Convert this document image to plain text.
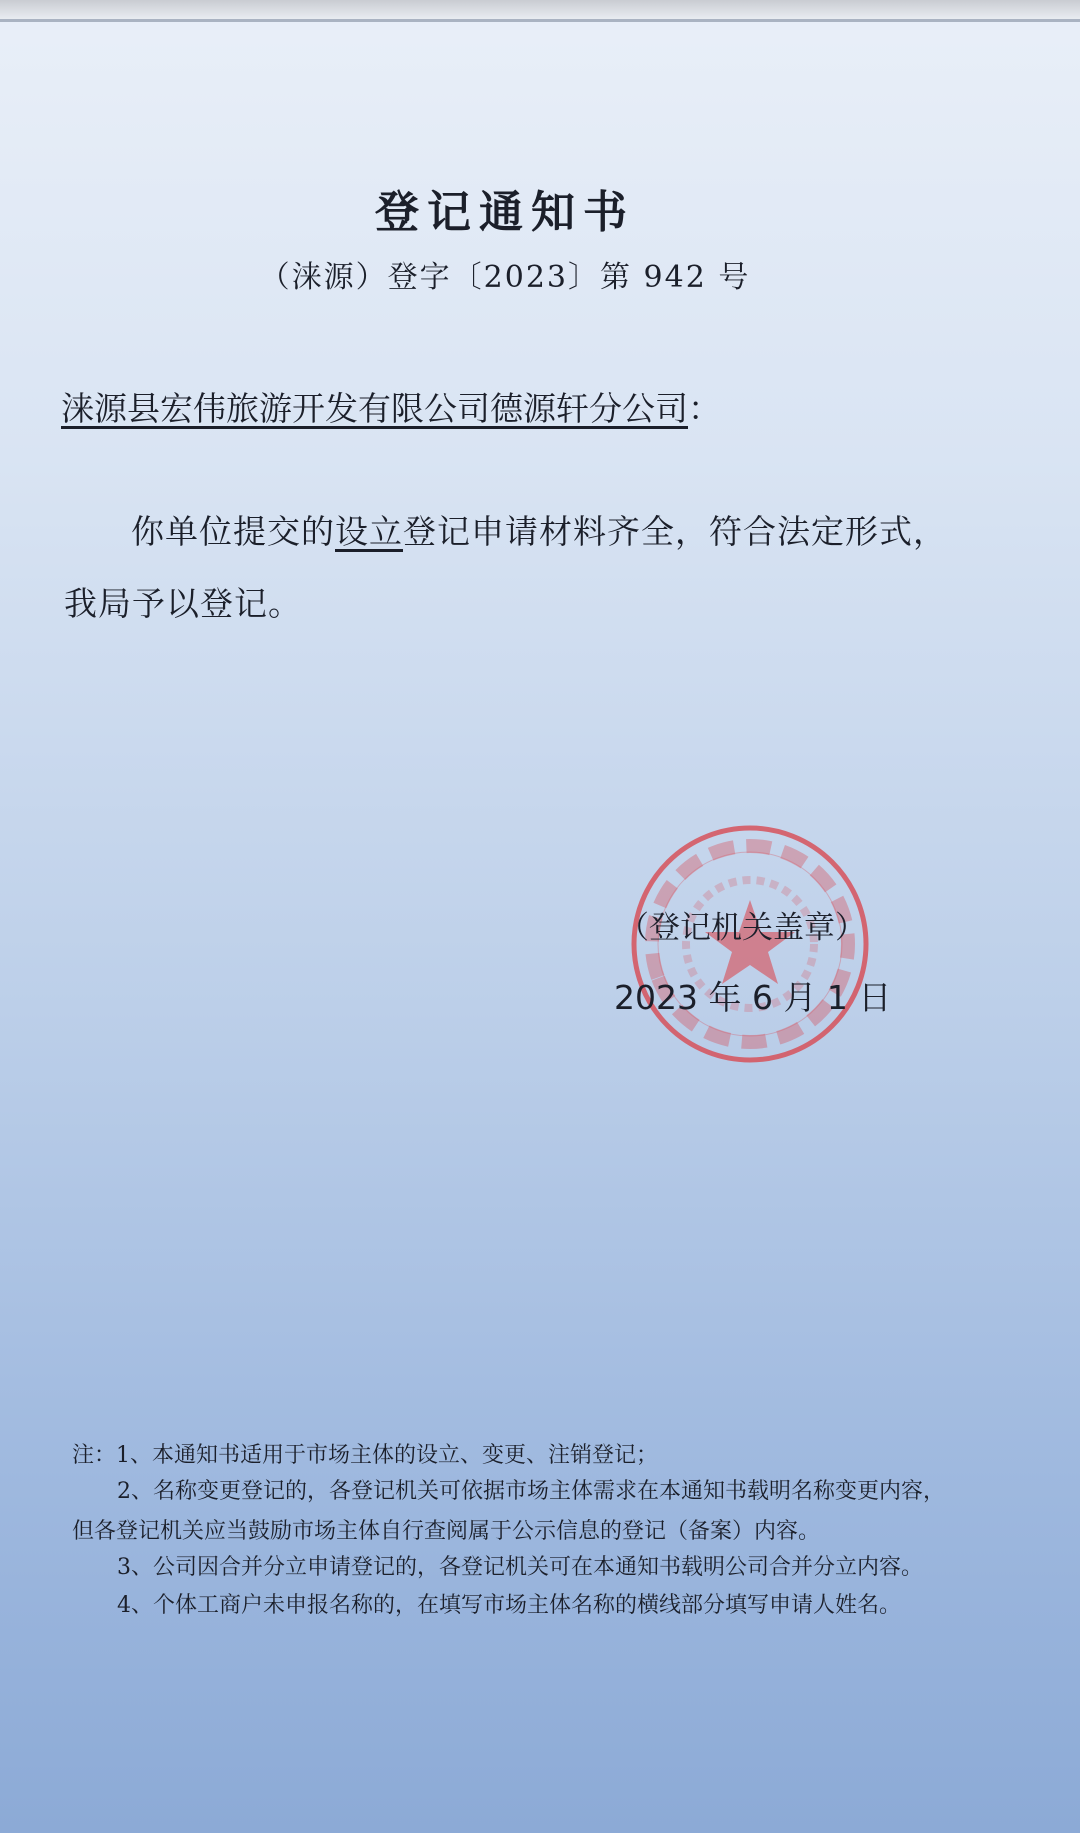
登记通知书
（涞源）登字〔2023〕第 942 号
涞源县宏伟旅游开发有限公司德源轩分公司：
你单位提交的设立登记申请材料齐全，符合法定形式，
我局予以登记。
（登记机关盖章）
2023 年 6 月 1 日
注：1、本通知书适用于市场主体的设立、变更、注销登记；
2、名称变更登记的，各登记机关可依据市场主体需求在本通知书载明名称变更内容，
但各登记机关应当鼓励市场主体自行查阅属于公示信息的登记（备案）内容。
3、公司因合并分立申请登记的，各登记机关可在本通知书载明公司合并分立内容。
4、个体工商户未申报名称的，在填写市场主体名称的横线部分填写申请人姓名。
